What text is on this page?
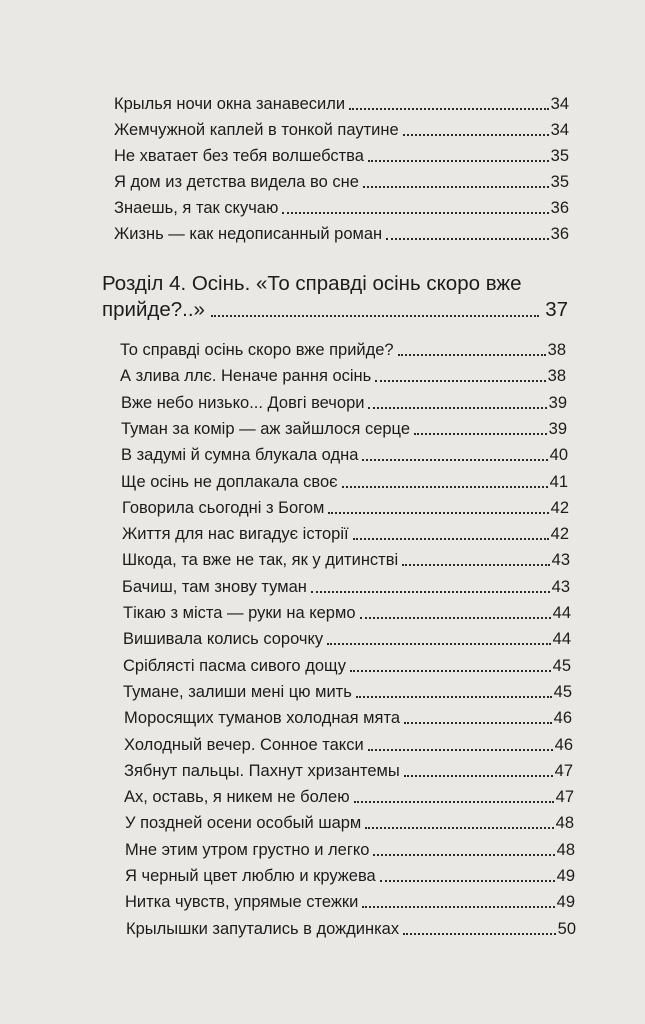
Крылья ночи окна занавесили	34
Жемчужной каплей в тонкой паутине	34
Не хватает без тебя волшебства	35
Я дом из детства видела во сне	35
Знаешь, я так скучаю	36
Жизнь — как недописанный роман	36
Розділ 4. Осінь. «То справді осінь скоро вже
прийде?..»	37
То справді осінь скоро вже прийде?	38
А злива ллє. Неначе рання осінь	38
Вже небо низько... Довгі вечори	39
Туман за комір — аж зайшлося серце	39
В задумі й сумна блукала одна	40
Ще осінь не доплакала своє	41
Говорила сьогодні з Богом	42
Життя для нас вигадує історії	42
Шкода, та вже не так, як у дитинстві	43
Бачиш, там знову туман	43
Тікаю з міста — руки на кермо	44
Вишивала колись сорочку	44
Сріблясті пасма сивого дощу	45
Тумане, залиши мені цю мить	45
Моросящих туманов холодная мята	46
Холодный вечер. Сонное такси	46
Зябнут пальцы. Пахнут хризантемы	47
Ах, оставь, я никем не болею	47
У поздней осени особый шарм	48
Мне этим утром грустно и легко	48
Я черный цвет люблю и кружева	49
Нитка чувств, упрямые стежки	49
Крылышки запутались в дождинках	50
